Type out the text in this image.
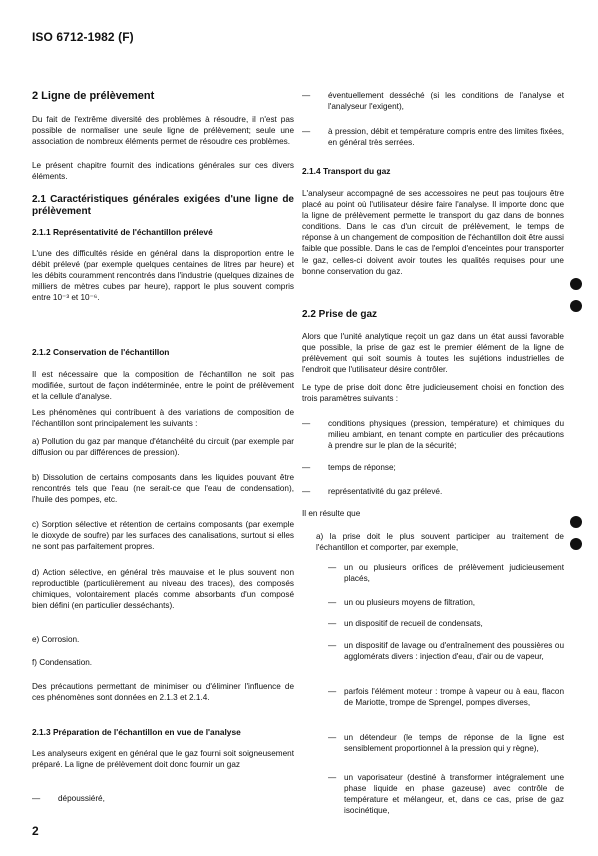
ISO 6712-1982 (F)

2 Ligne de prélèvement

Du fait de l'extrême diversité des problèmes à résoudre, il n'est pas possible de normaliser une seule ligne de prélèvement; seule une association de nombreux éléments permet de résoudre ces problèmes.

Le présent chapitre fournit des indications générales sur ces divers éléments.

2.1 Caractéristiques générales exigées d'une ligne de prélèvement

2.1.1 Représentativité de l'échantillon prélevé

L'une des difficultés réside en général dans la disproportion entre le débit prélevé (par exemple quelques centaines de litres par heure) et les débits couramment rencontrés dans l'industrie (quelques dizaines de milliers de mètres cubes par heure), rapport le plus souvent compris entre 10⁻³ et 10⁻⁶.

2.1.2 Conservation de l'échantillon

Il est nécessaire que la composition de l'échantillon ne soit pas modifiée, surtout de façon indéterminée, entre le point de prélèvement et la cellule d'analyse.

Les phénomènes qui contribuent à des variations de composition de l'échantillon sont principalement les suivants :

a) Pollution du gaz par manque d'étanchéité du circuit (par exemple par diffusion ou par différences de pression).

b) Dissolution de certains composants dans les liquides pouvant être rencontrés tels que l'eau (ne serait-ce que l'eau de condensation), l'huile des pompes, etc.

c) Sorption sélective et rétention de certains composants (par exemple le dioxyde de soufre) par les surfaces des canalisations, surtout si elles ne sont pas parfaitement propres.

d) Action sélective, en général très mauvaise et le plus souvent non reproductible (particulièrement au niveau des traces), des composés chimiques, volontairement placés comme absorbants d'un composé bien défini (en particulier desséchants).

e) Corrosion.

f) Condensation.

Des précautions permettant de minimiser ou d'éliminer l'influence de ces phénomènes sont données en 2.1.3 et 2.1.4.

2.1.3 Préparation de l'échantillon en vue de l'analyse

Les analyseurs exigent en général que le gaz fourni soit soigneusement préparé. La ligne de prélèvement doit donc fournir un gaz

—	dépoussiéré,
—	éventuellement desséché (si les conditions de l'analyse et l'analyseur l'exigent),
—	à pression, débit et température compris entre des limites fixées, en général très serrées.

2.1.4 Transport du gaz

L'analyseur accompagné de ses accessoires ne peut pas toujours être placé au point où l'utilisateur désire faire l'analyse. Il importe donc que la ligne de prélèvement permette le transport du gaz dans de bonnes conditions. Dans le cas d'un circuit de prélèvement, le temps de réponse à un changement de composition de l'échantillon doit être aussi faible que possible. Dans le cas de l'emploi d'enceintes pour transporter le gaz, celles-ci doivent avoir toutes les qualités requises pour une bonne conservation du gaz.

2.2 Prise de gaz

Alors que l'unité analytique reçoit un gaz dans un état aussi favorable que possible, la prise de gaz est le premier élément de la ligne de prélèvement qui soit soumis à toutes les sujétions industrielles de l'endroit que l'utilisateur désire contrôler.

Le type de prise doit donc être judicieusement choisi en fonction des trois paramètres suivants :

—	conditions physiques (pression, température) et chimiques du milieu ambiant, en tenant compte en particulier des précautions à prendre sur le plan de la sécurité;
—	temps de réponse;
—	représentativité du gaz prélevé.

Il en résulte que

a) la prise doit le plus souvent participer au traitement de l'échantillon et comporter, par exemple,

— un ou plusieurs orifices de prélèvement judicieusement placés,
— un ou plusieurs moyens de filtration,
— un dispositif de recueil de condensats,
— un dispositif de lavage ou d'entraînement des poussières ou agglomérats divers : injection d'eau, d'air ou de vapeur,
— parfois l'élément moteur : trompe à vapeur ou à eau, flacon de Mariotte, trompe de Sprengel, pompes diverses,
— un détendeur (le temps de réponse de la ligne est sensiblement proportionnel à la pression qui y règne),
— un vaporisateur (destiné à transformer intégralement une phase liquide en phase gazeuse) avec contrôle de température et mélangeur, et, dans ce cas, prise de gaz isocinétique,
2
